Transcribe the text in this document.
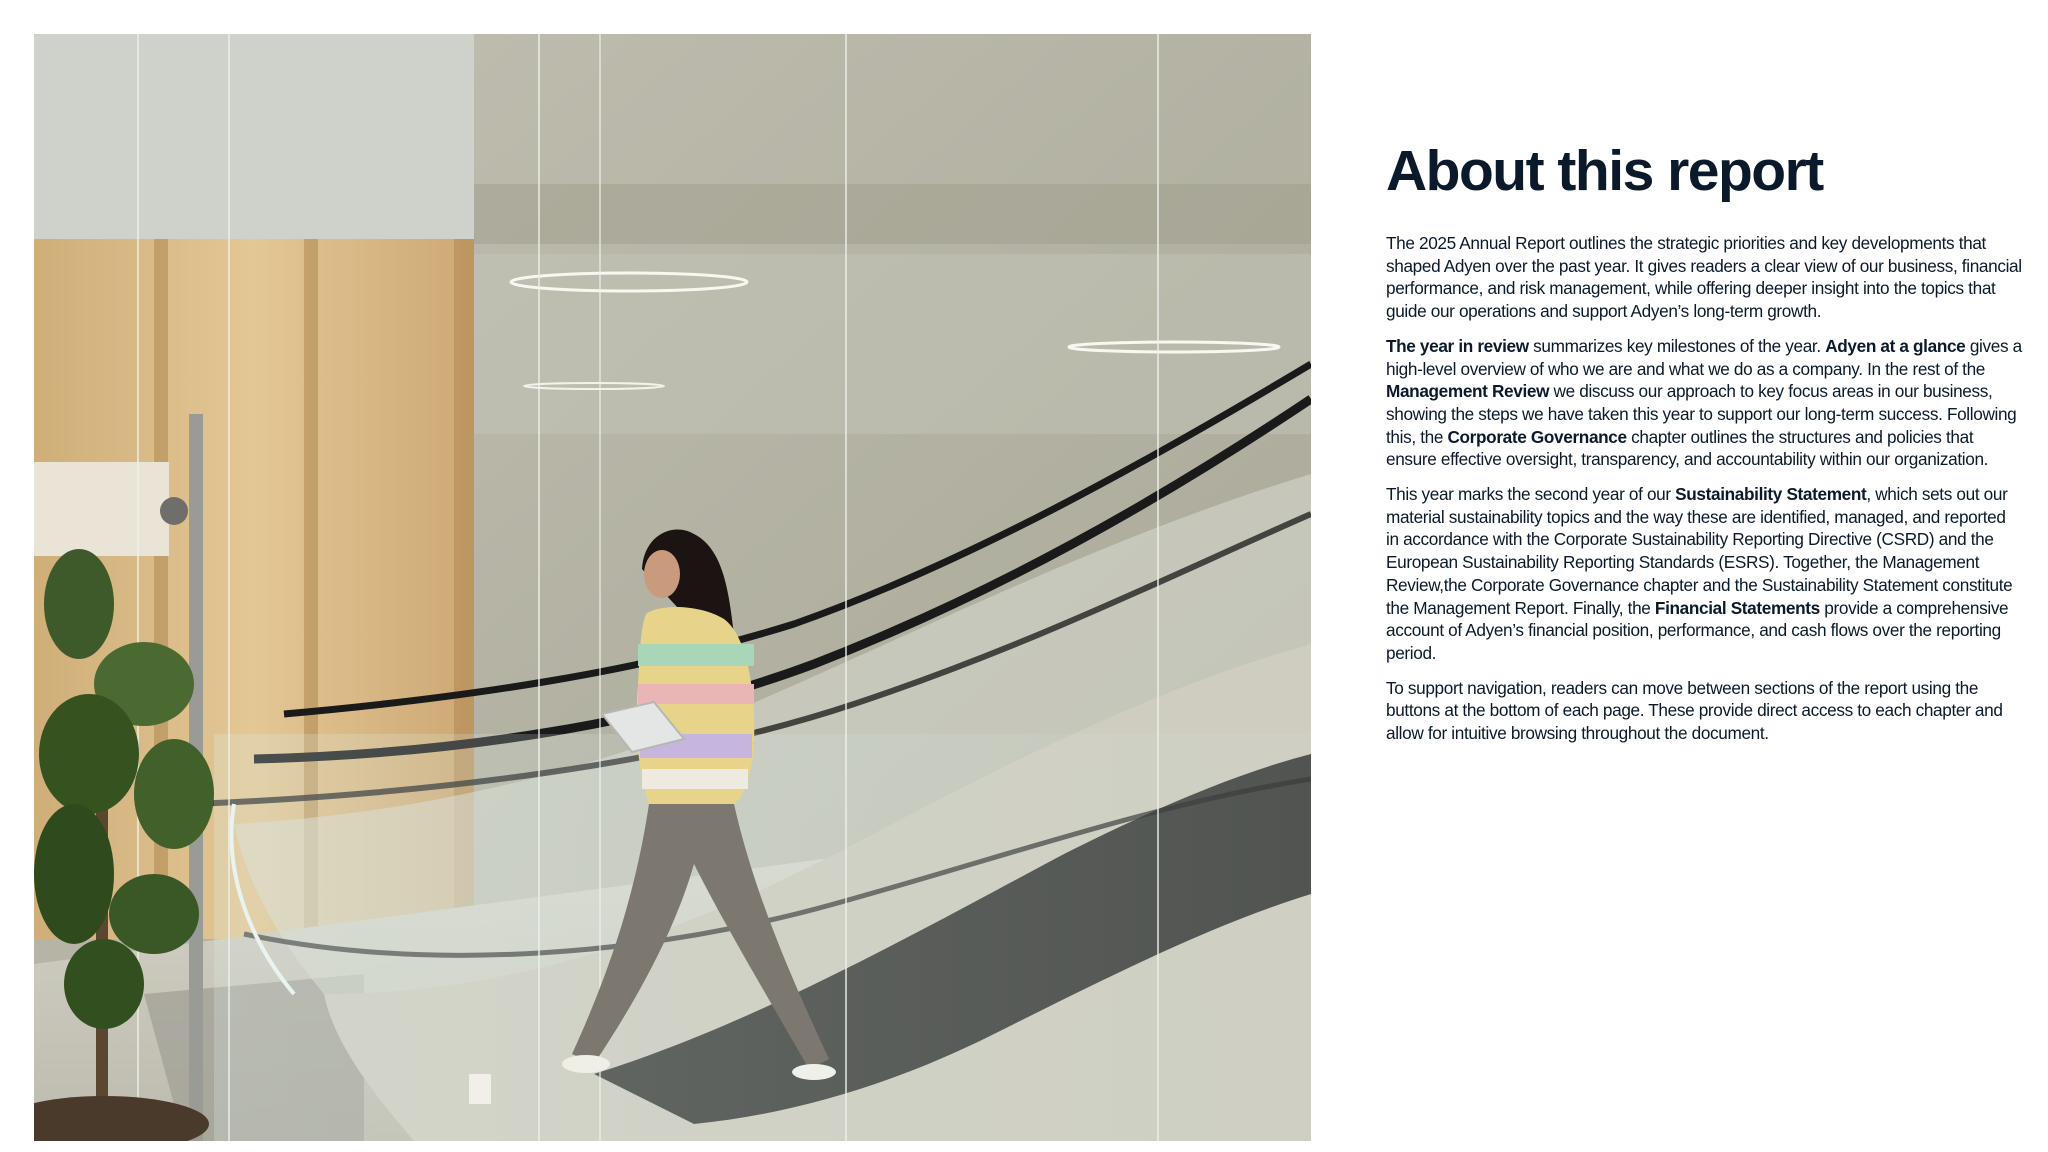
About this report

The 2025 Annual Report outlines the strategic priorities and key developments that shaped Adyen over the past year. It gives readers a clear view of our business, financial performance, and risk management, while offering deeper insight into the topics that guide our operations and support Adyen’s long-term growth.

The year in review summarizes key milestones of the year. Adyen at a glance gives a high-level overview of who we are and what we do as a company. In the rest of the Management Review we discuss our approach to key focus areas in our business, showing the steps we have taken this year to support our long-term success. Following this, the Corporate Governance chapter outlines the structures and policies that ensure effective oversight, transparency, and accountability within our organization.

This year marks the second year of our Sustainability Statement, which sets out our material sustainability topics and the way these are identified, managed, and reported in accordance with the Corporate Sustainability Reporting Directive (CSRD) and the European Sustainability Reporting Standards (ESRS). Together, the Management Review,the Corporate Governance chapter and the Sustainability Statement constitute the Management Report. Finally, the Financial Statements provide a comprehensive account of Adyen’s financial position, performance, and cash flows over the reporting period.

To support navigation, readers can move between sections of the report using the buttons at the bottom of each page. These provide direct access to each chapter and allow for intuitive browsing throughout the document.
